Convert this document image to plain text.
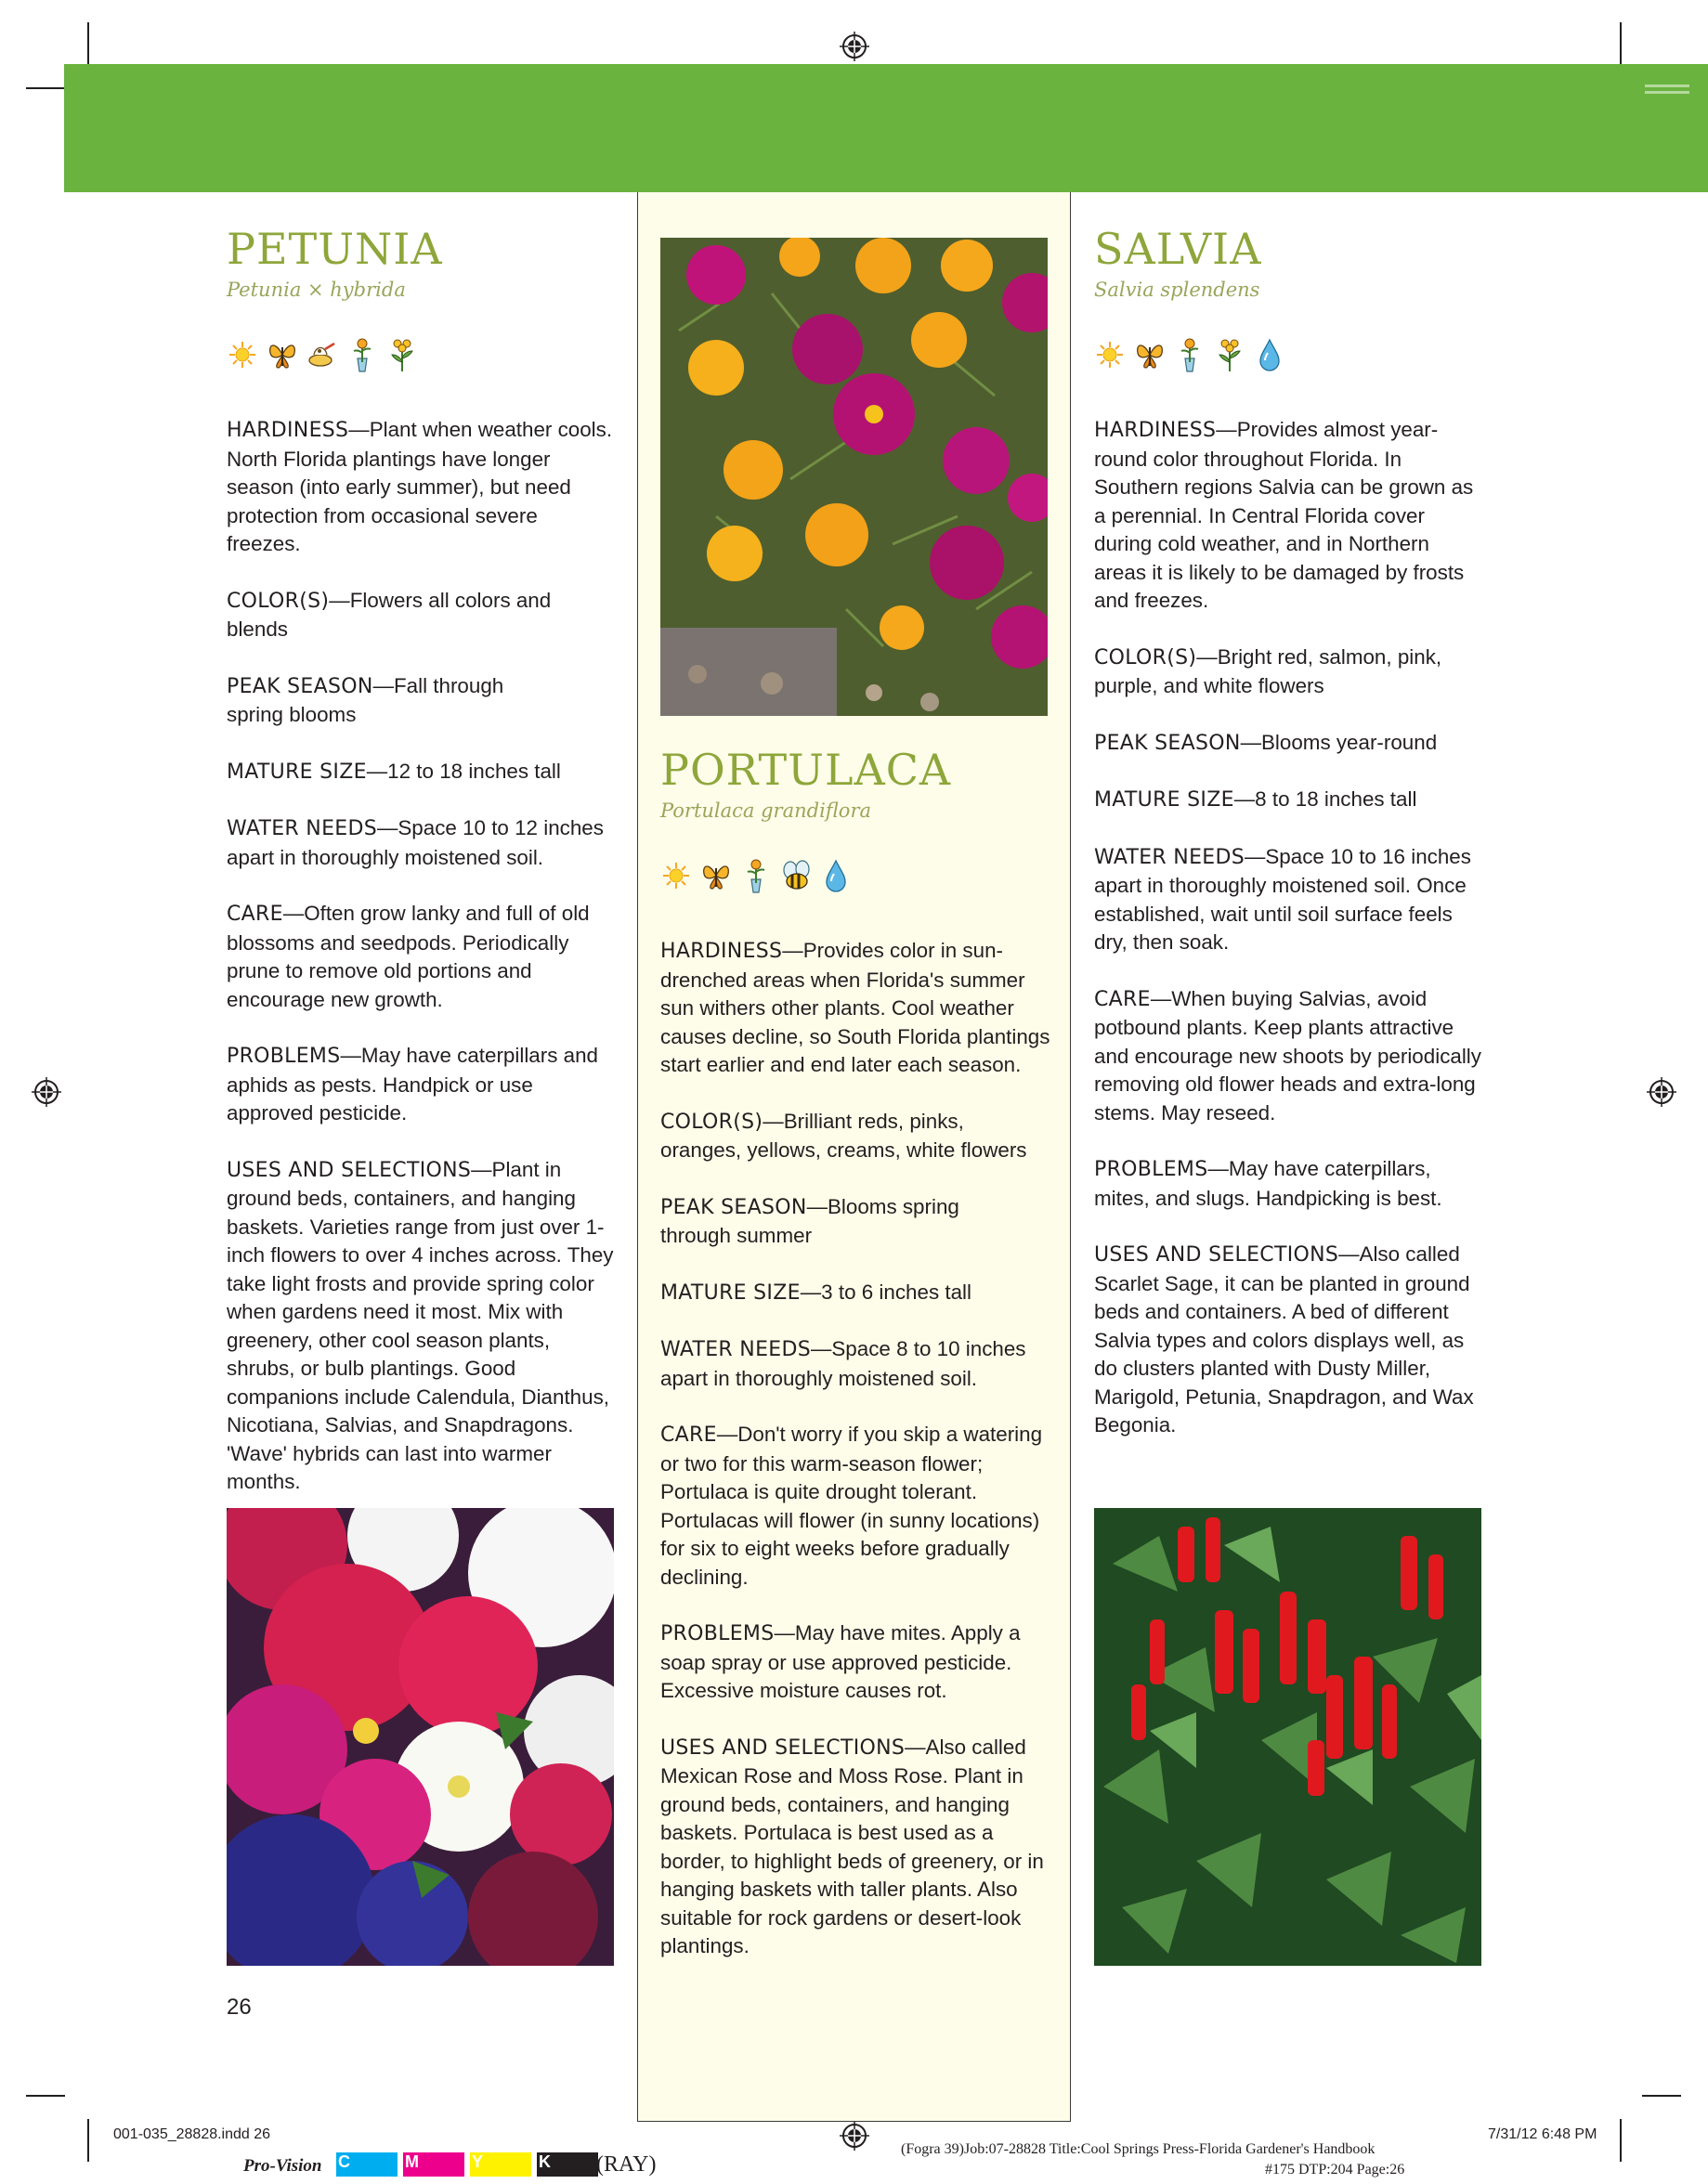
PETUNIA
Petunia × hybrida
HARDINESS—Plant when weather cools. North Florida plantings have longer season (into early summer), but need protection from occasional severe freezes.
COLOR(S)—Flowers all colors and blends
PEAK SEASON—Fall through spring blooms
MATURE SIZE—12 to 18 inches tall
WATER NEEDS—Space 10 to 12 inches apart in thoroughly moistened soil.
CARE—Often grow lanky and full of old blossoms and seedpods. Periodically prune to remove old portions and encourage new growth.
PROBLEMS—May have caterpillars and aphids as pests. Handpick or use approved pesticide.
USES AND SELECTIONS—Plant in ground beds, containers, and hanging baskets. Varieties range from just over 1-inch flowers to over 4 inches across. They take light frosts and provide spring color when gardens need it most. Mix with greenery, other cool season plants, shrubs, or bulb plantings. Good companions include Calendula, Dianthus, Nicotiana, Salvias, and Snapdragons. 'Wave' hybrids can last into warmer months.
PORTULACA
Portulaca grandiflora
HARDINESS—Provides color in sun-drenched areas when Florida's summer sun withers other plants. Cool weather causes decline, so South Florida plantings start earlier and end later each season.
COLOR(S)—Brilliant reds, pinks, oranges, yellows, creams, white flowers
PEAK SEASON—Blooms spring through summer
MATURE SIZE—3 to 6 inches tall
WATER NEEDS—Space 8 to 10 inches apart in thoroughly moistened soil.
CARE—Don't worry if you skip a watering or two for this warm-season flower; Portulaca is quite drought tolerant. Portulacas will flower (in sunny locations) for six to eight weeks before gradually declining.
PROBLEMS—May have mites. Apply a soap spray or use approved pesticide. Excessive moisture causes rot.
USES AND SELECTIONS—Also called Mexican Rose and Moss Rose. Plant in ground beds, containers, and hanging baskets. Portulaca is best used as a border, to highlight beds of greenery, or in hanging baskets with taller plants. Also suitable for rock gardens or desert-look plantings.
SALVIA
Salvia splendens
HARDINESS—Provides almost year-round color throughout Florida. In Southern regions Salvia can be grown as a perennial. In Central Florida cover during cold weather, and in Northern areas it is likely to be damaged by frosts and freezes.
COLOR(S)—Bright red, salmon, pink, purple, and white flowers
PEAK SEASON—Blooms year-round
MATURE SIZE—8 to 18 inches tall
WATER NEEDS—Space 10 to 16 inches apart in thoroughly moistened soil. Once established, wait until soil surface feels dry, then soak.
CARE—When buying Salvias, avoid potbound plants. Keep plants attractive and encourage new shoots by periodically removing old flower heads and extra-long stems. May reseed.
PROBLEMS—May have caterpillars, mites, and slugs. Handpicking is best.
USES AND SELECTIONS—Also called Scarlet Sage, it can be planted in ground beds and containers. A bed of different Salvia types and colors displays well, as do clusters planted with Dusty Miller, Marigold, Petunia, Snapdragon, and Wax Begonia.
26
001-035_28828.indd 26	7/31/12 6:48 PM
(Fogra 39)Job:07-28828 Title:Cool Springs Press-Florida Gardener's Handbook
#175 DTP:204 Page:26
Pro-Vision C	M	Y	K	(RAY)
